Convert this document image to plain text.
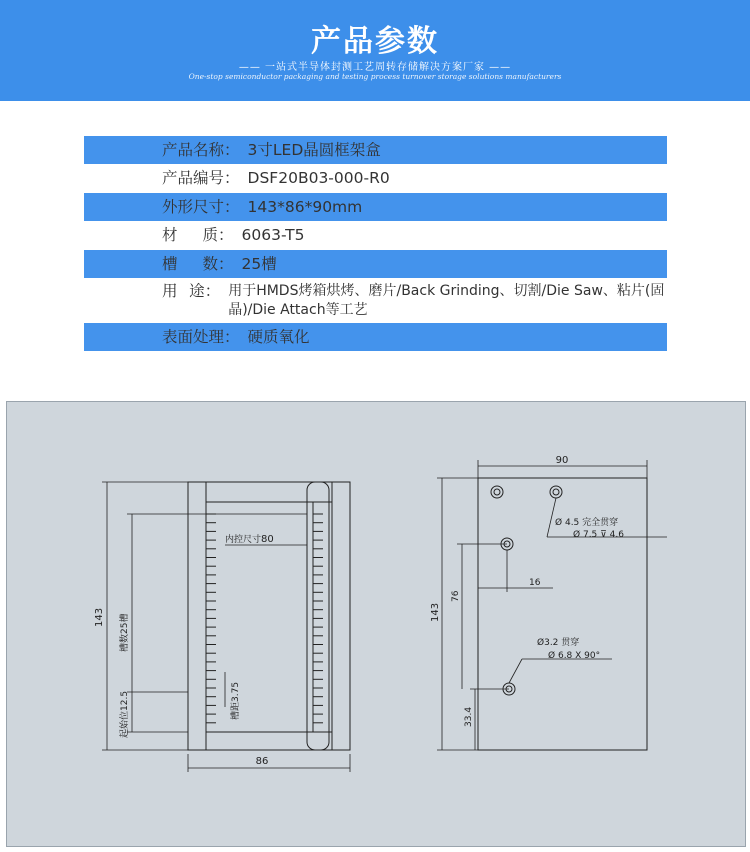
产品参数
—— 一站式半导体封测工艺周转存储解决方案厂家 ——
One-stop semiconductor packaging and testing process turnover storage solutions manufacturers
产品名称 ： 3寸LED晶圆框架盒
产品编号 ： DSF20B03-000-R0
外形尺寸 ： 143*86*90mm
材 质 ： 6063-T5
槽 数 ： 25槽
用 途 ： 用于HMDS烤箱烘烤、磨片/Back Grinding、切割/Die Saw、粘片(固晶)/Die Attach等工艺
表面处理 ： 硬质氧化
内控尺寸80
143 槽数25槽
起始位12.5	槽距3.75
86
90
143
76
33.4
16
Ø 4.5 完全贯穿
Ø 7.5 ⊽ 4.6
Ø3.2 贯穿
Ø 6.8 X 90°
